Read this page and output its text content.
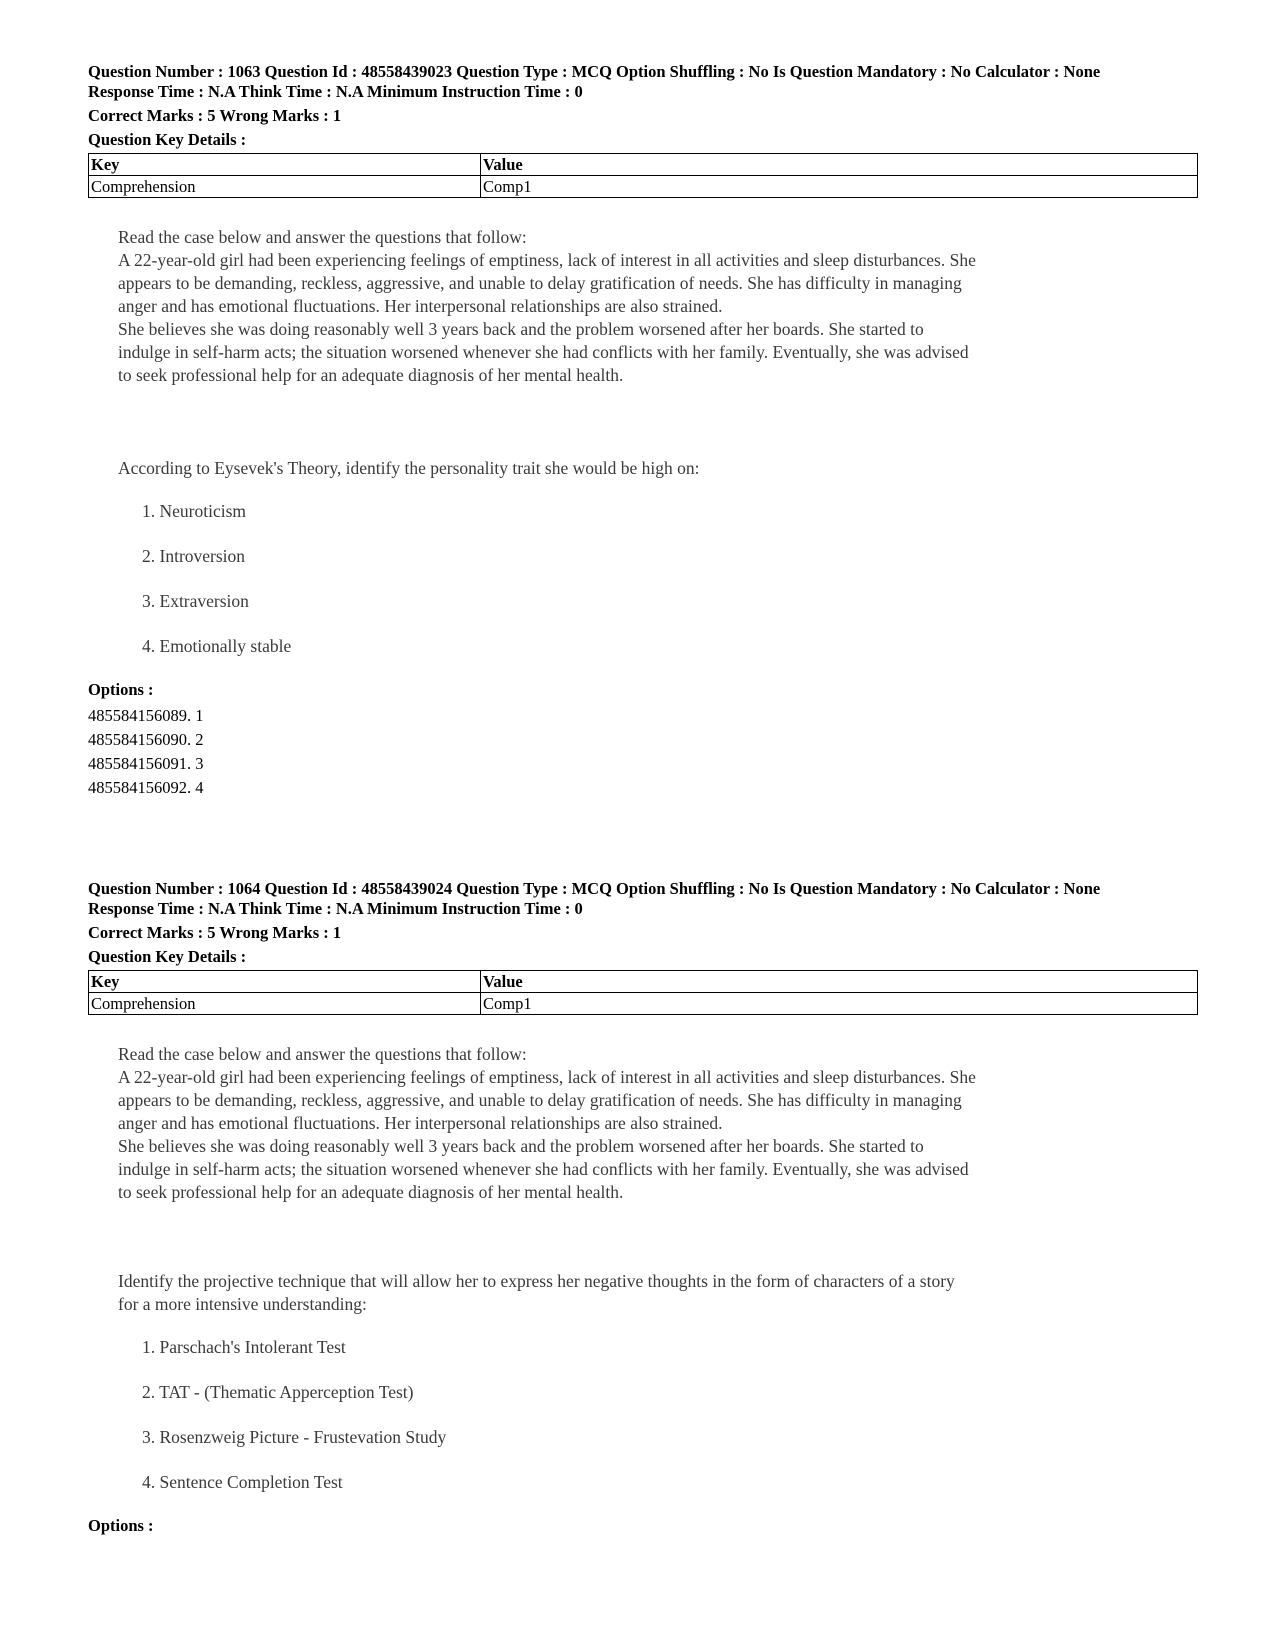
Question Number : 1063 Question Id : 48558439023 Question Type : MCQ Option Shuffling : No Is Question Mandatory : No Calculator : None
Response Time : N.A Think Time : N.A Minimum Instruction Time : 0
Correct Marks : 5 Wrong Marks : 1
Question Key Details :
Key	Value
Comprehension	Comp1

Read the case below and answer the questions that follow:

A 22-year-old girl had been experiencing feelings of emptiness, lack of interest in all activities and sleep disturbances. She appears to be demanding, reckless, aggressive, and unable to delay gratification of needs. She has difficulty in managing anger and has emotional fluctuations. Her interpersonal relationships are also strained.

She believes she was doing reasonably well 3 years back and the problem worsened after her boards. She started to indulge in self-harm acts; the situation worsened whenever she had conflicts with her family. Eventually, she was advised to seek professional help for an adequate diagnosis of her mental health.

According to Eysevek's Theory, identify the personality trait she would be high on:

1. Neuroticism
2. Introversion
3. Extraversion
4. Emotionally stable
Options :
485584156089. 1
485584156090. 2
485584156091. 3
485584156092. 4
Question Number : 1064 Question Id : 48558439024 Question Type : MCQ Option Shuffling : No Is Question Mandatory : No Calculator : None
Response Time : N.A Think Time : N.A Minimum Instruction Time : 0
Correct Marks : 5 Wrong Marks : 1
Question Key Details :
Key	Value
Comprehension	Comp1

Read the case below and answer the questions that follow:

A 22-year-old girl had been experiencing feelings of emptiness, lack of interest in all activities and sleep disturbances. She appears to be demanding, reckless, aggressive, and unable to delay gratification of needs. She has difficulty in managing anger and has emotional fluctuations. Her interpersonal relationships are also strained.

She believes she was doing reasonably well 3 years back and the problem worsened after her boards. She started to indulge in self-harm acts; the situation worsened whenever she had conflicts with her family. Eventually, she was advised to seek professional help for an adequate diagnosis of her mental health.

Identify the projective technique that will allow her to express her negative thoughts in the form of characters of a story for a more intensive understanding:

1. Parschach's Intolerant Test
2. TAT - (Thematic Apperception Test)
3. Rosenzweig Picture - Frustevation Study
4. Sentence Completion Test
Options :
